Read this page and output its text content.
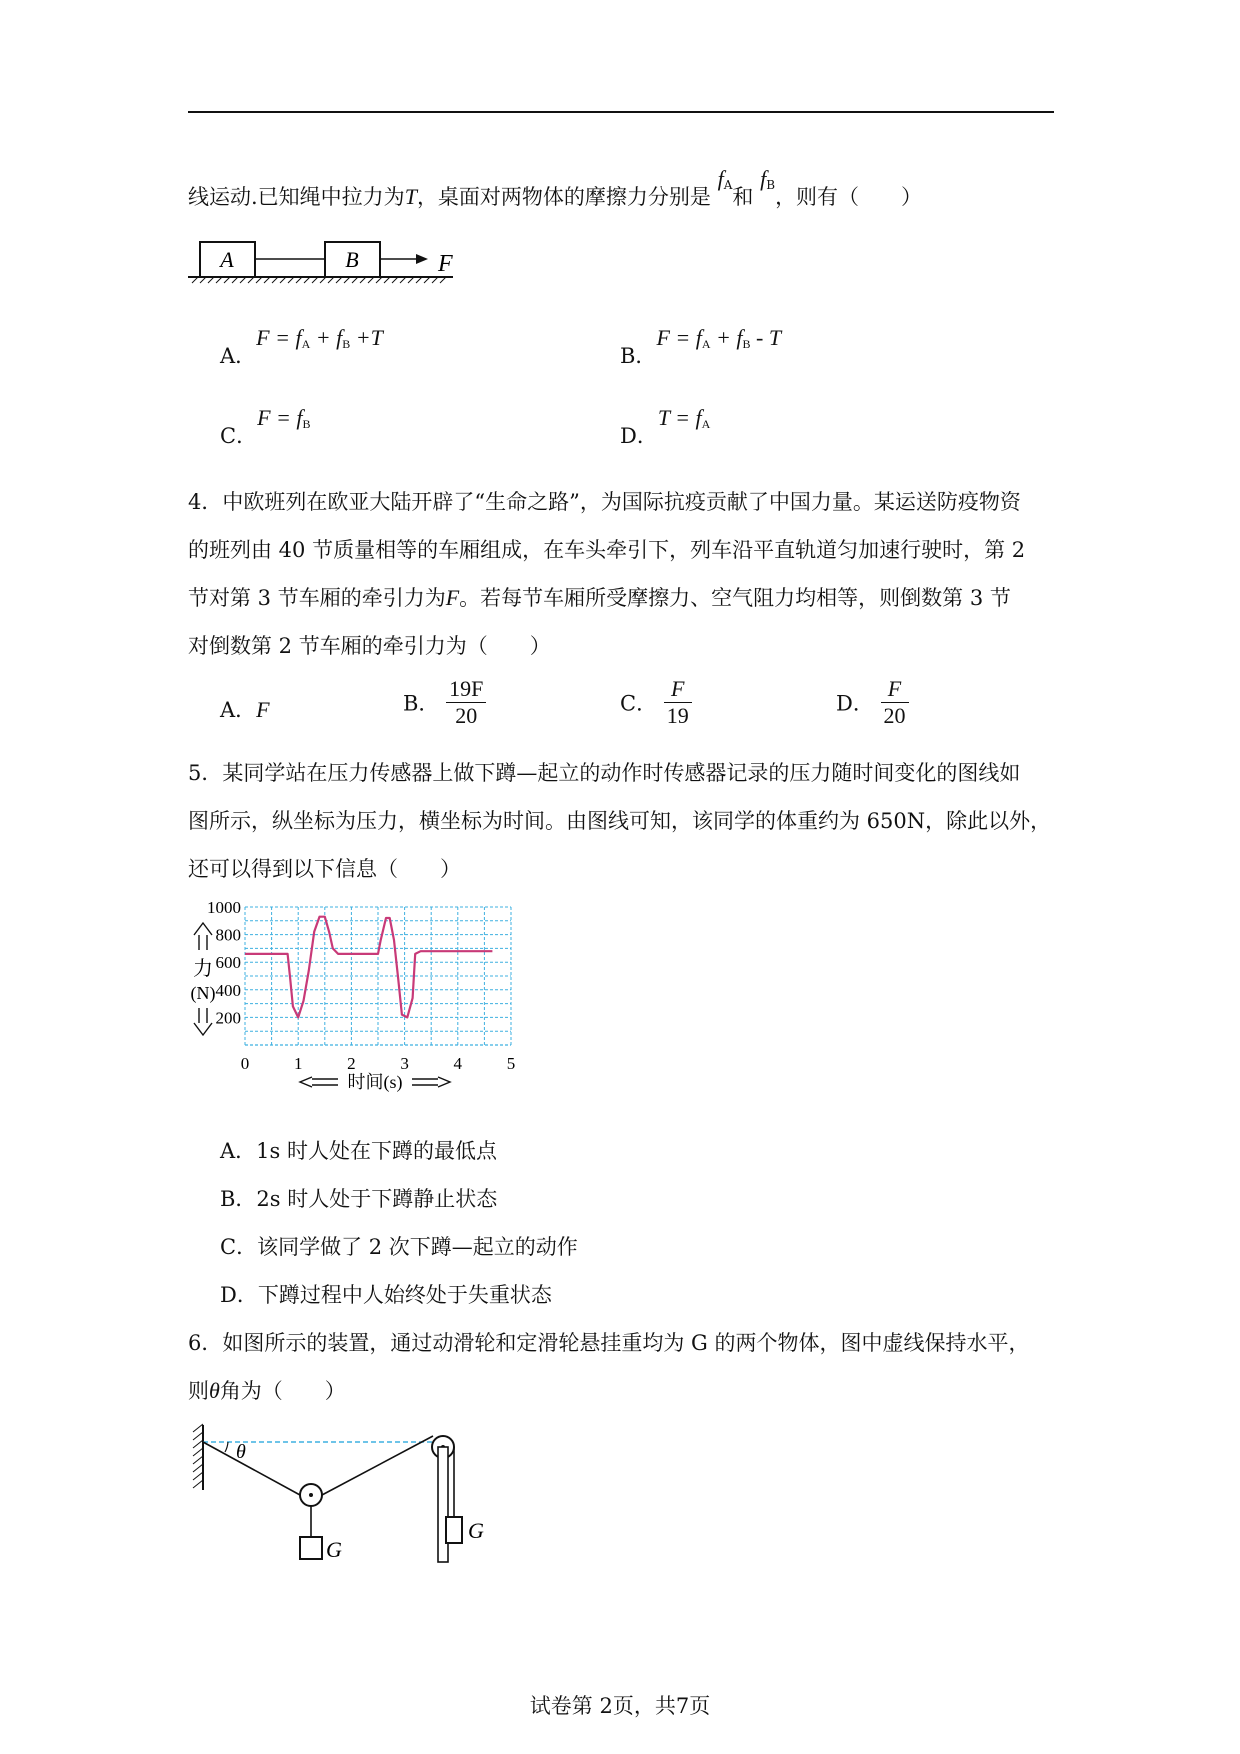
线运动.已知绳中拉力为T，桌面对两物体的摩擦力分别是 $f_A$和 $f_B$，则有（　　）
A	B	F
A．$F = f_A + f_B +T$
B．$F = f_A + f_B - T$
C．$F = f_B$	D．$T = f_A$
4．中欧班列在欧亚大陆开辟了“生命之路”，为国际抗疫贡献了中国力量。某运送防疫物资
的班列由 40 节质量相等的车厢组成，在车头牵引下，列车沿平直轨道匀加速行驶时，第 2
节对第 3 节车厢的牵引力为F。若每节车厢所受摩擦力、空气阻力均相等，则倒数第 3 节
对倒数第 2 节车厢的牵引力为（　　）
A．F	B． $\frac{19F}{20}$	C． $\frac{F}{19}$	D． $\frac{F}{20}$
5．某同学站在压力传感器上做下蹲—起立的动作时传感器记录的压力随时间变化的图线如
图所示，纵坐标为压力，横坐标为时间。由图线可知，该同学的体重约为 650N，除此以外，
还可以得到以下信息（　　）
200
400
600
800
1000
0	1	2	3	4	5
力
(N)
时间(s)
A．1s 时人处在下蹲的最低点
B．2s 时人处于下蹲静止状态
C．该同学做了 2 次下蹲—起立的动作
D．下蹲过程中人始终处于失重状态
6．如图所示的装置，通过动滑轮和定滑轮悬挂重均为 G 的两个物体，图中虚线保持水平，
则θ角为（　　）
θ
G
G
试卷第 2页，共7页
